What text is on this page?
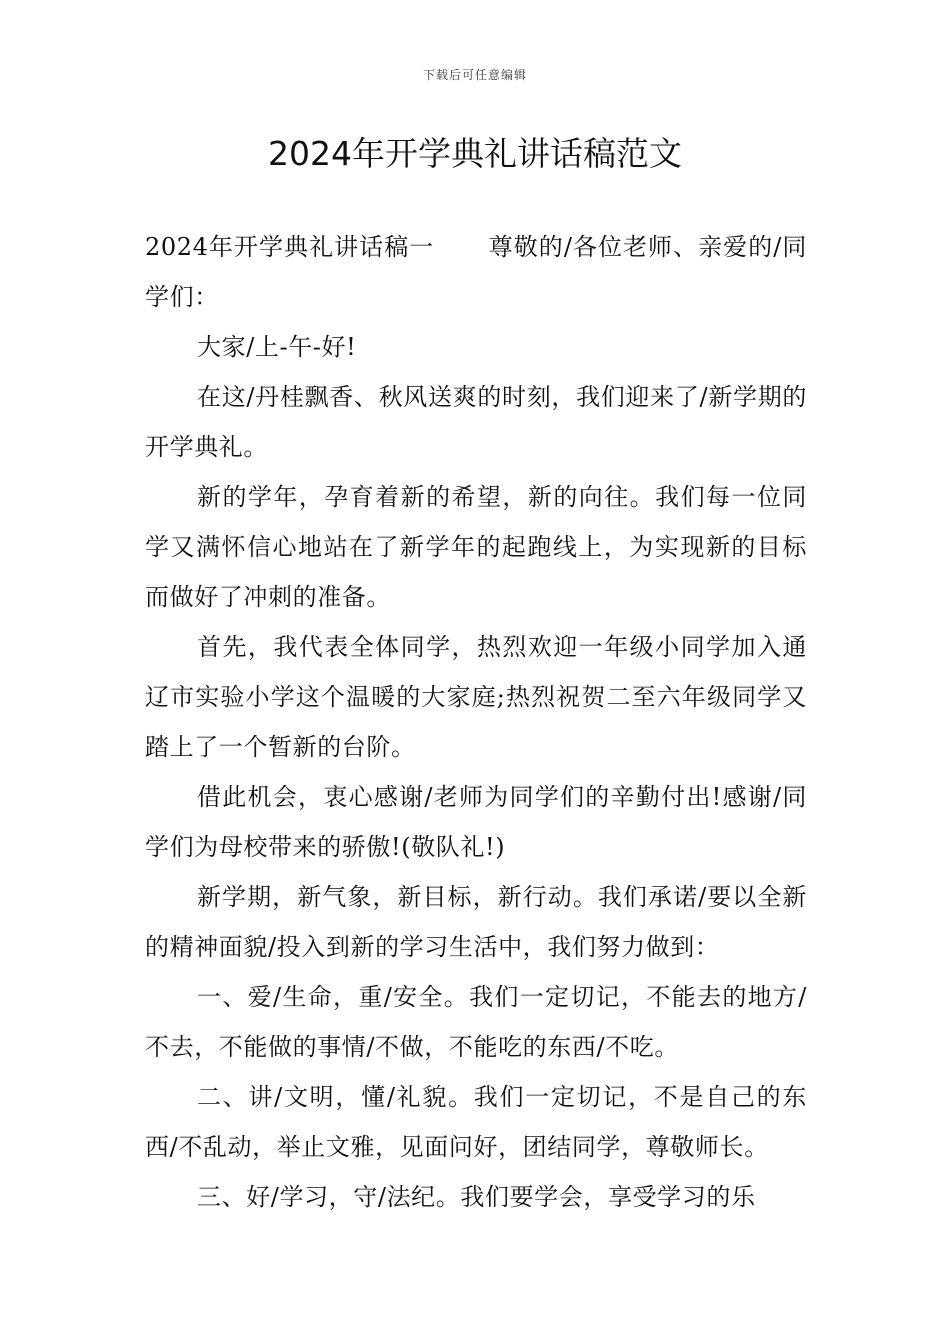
下载后可任意编辑
2024年开学典礼讲话稿范文

2024年开学典礼讲话稿一 尊敬的/各位老师、亲爱的/同学们：

大家/上-午-好!

在这/丹桂飘香、秋风送爽的时刻，我们迎来了/新学期的开学典礼。

新的学年，孕育着新的希望，新的向往。我们每一位同学又满怀信心地站在了新学年的起跑线上，为实现新的目标而做好了冲刺的准备。

首先，我代表全体同学，热烈欢迎一年级小同学加入通辽市实验小学这个温暖的大家庭;热烈祝贺二至六年级同学又踏上了一个暂新的台阶。

借此机会，衷心感谢/老师为同学们的辛勤付出!感谢/同学们为母校带来的骄傲!(敬队礼!)

新学期，新气象，新目标，新行动。我们承诺/要以全新的精神面貌/投入到新的学习生活中，我们努力做到：

一、爱/生命，重/安全。我们一定切记，不能去的地方/不去，不能做的事情/不做，不能吃的东西/不吃。

二、讲/文明，懂/礼貌。我们一定切记，不是自己的东西/不乱动，举止文雅，见面问好，团结同学，尊敬师长。

三、好/学习，守/法纪。我们要学会，享受学习的乐
